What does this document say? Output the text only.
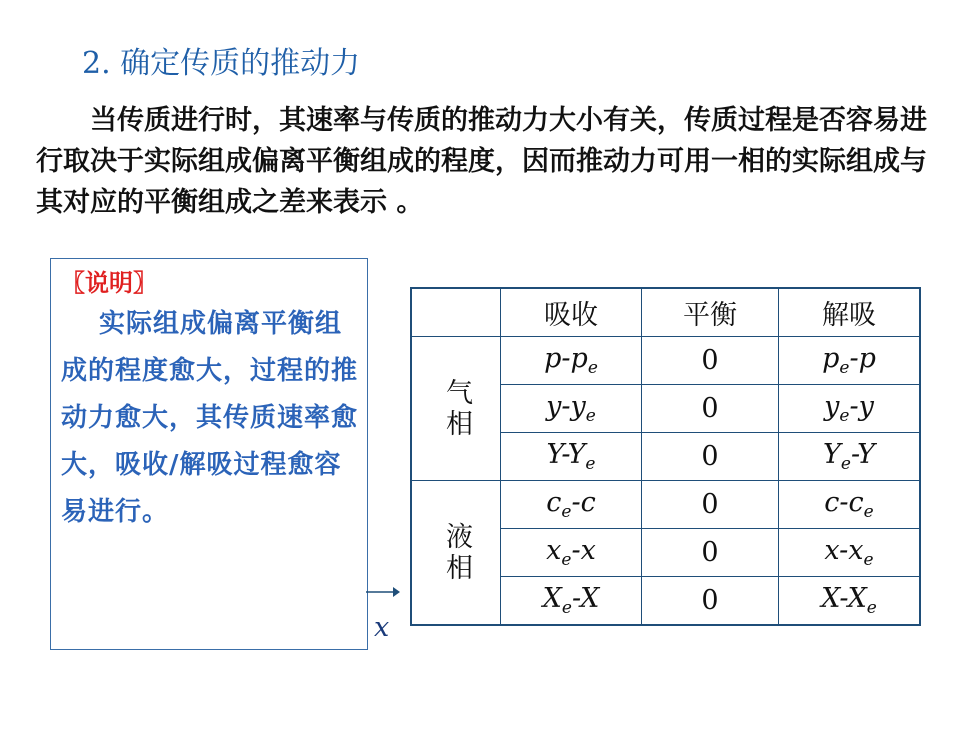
2. 确定传质的推动力
当传质进行时，其速率与传质的推动力大小有关，传质过程是否容易进行取决于实际组成偏离平衡组成的程度，因而推动力可用一相的实际组成与其对应的平衡组成之差来表示 。
〖说明〗
实际组成偏离平衡组成的程度愈大，过程的推动力愈大，其传质速率愈大，吸收/解吸过程愈容易进行。
x
	吸收	平衡	解吸
气相	$p-p_e$	0	$p_e-p$
	$y-y_e$	0	$y_e-y$
	$Y-Y_e$	0	$Y_e-Y$
液相	$c_e-c$	0	$c-c_e$
	$x_e-x$	0	$x-x_e$
	$X_e-X$	0	$X-X_e$
